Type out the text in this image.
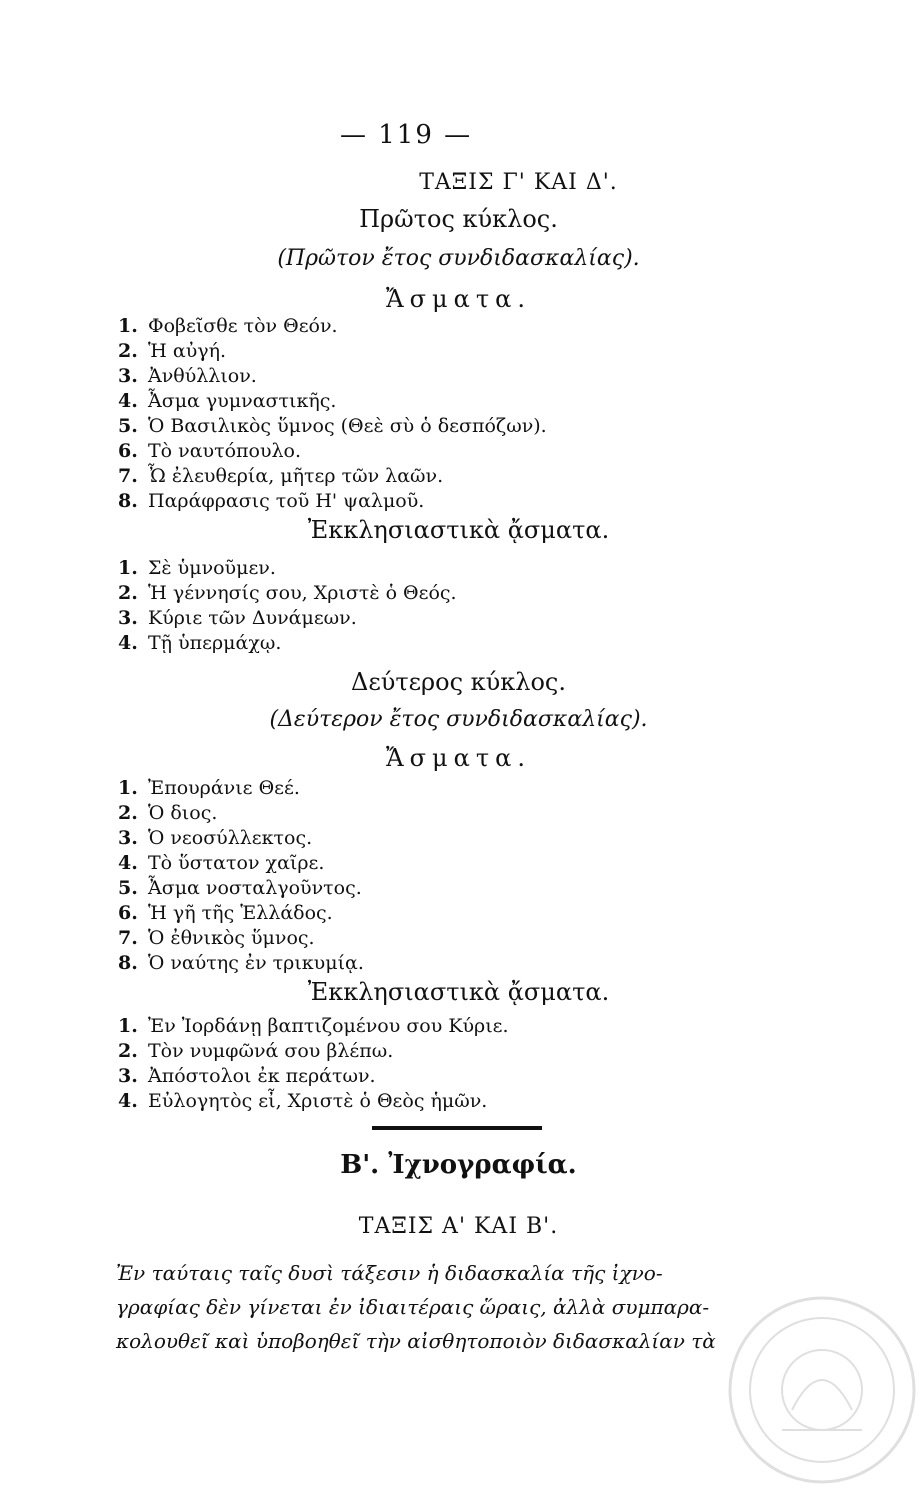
— 119 —
ΤΑΞΙΣ Γ' ΚΑΙ Δ'.
Πρῶτος κύκλος.
(Πρῶτον ἔτος συνδιδασκαλίας).
Ἄσματα.
1. Φοβεῖσθε τὸν Θεόν.
2. Ἡ αὐγή.
3. Ἀνθύλλιον.
4. Ἆσμα γυμναστικῆς.
5. Ὁ Βασιλικὸς ὕμνος (Θεὲ σὺ ὁ δεσπόζων).
6. Τὸ ναυτόπουλο.
7. Ὦ ἐλευθερία, μῆτερ τῶν λαῶν.
8. Παράφρασις τοῦ Η' ψαλμοῦ.
Ἐκκλησιαστικὰ ᾄσματα.
1. Σὲ ὑμνοῦμεν.
2. Ἡ γέννησίς σου, Χριστὲ ὁ Θεός.
3. Κύριε τῶν Δυνάμεων.
4. Τῇ ὑπερμάχῳ.
Δεύτερος κύκλος.
(Δεύτερον ἔτος συνδιδασκαλίας).
Ἄσματα.
1. Ἐπουράνιε Θεέ.
2. Ὁ διος.
3. Ὁ νεοσύλλεκτος.
4. Τὸ ὕστατον χαῖρε.
5. Ἆσμα νοσταλγοῦντος.
6. Ἡ γῆ τῆς Ἑλλάδος.
7. Ὁ ἐθνικὸς ὕμνος.
8. Ὁ ναύτης ἐν τρικυμίᾳ.
Ἐκκλησιαστικὰ ᾄσματα.
1. Ἐν Ἰορδάνῃ βαπτιζομένου σου Κύριε.
2. Τὸν νυμφῶνά σου βλέπω.
3. Ἀπόστολοι ἐκ περάτων.
4. Εὐλογητὸς εἶ, Χριστὲ ὁ Θεὸς ἡμῶν.
Β'. Ἰχνογραφία.
ΤΑΞΙΣ Α' ΚΑΙ Β'.
Ἐν ταύταις ταῖς δυσὶ τάξεσιν ἡ διδασκαλία τῆς ἰχνο-
γραφίας δὲν γίνεται ἐν ἰδιαιτέραις ὥραις, ἀλλὰ συμπαρα-
κολουθεῖ καὶ ὑποβοηθεῖ τὴν αἰσθητοποιὸν διδασκαλίαν τὰ
